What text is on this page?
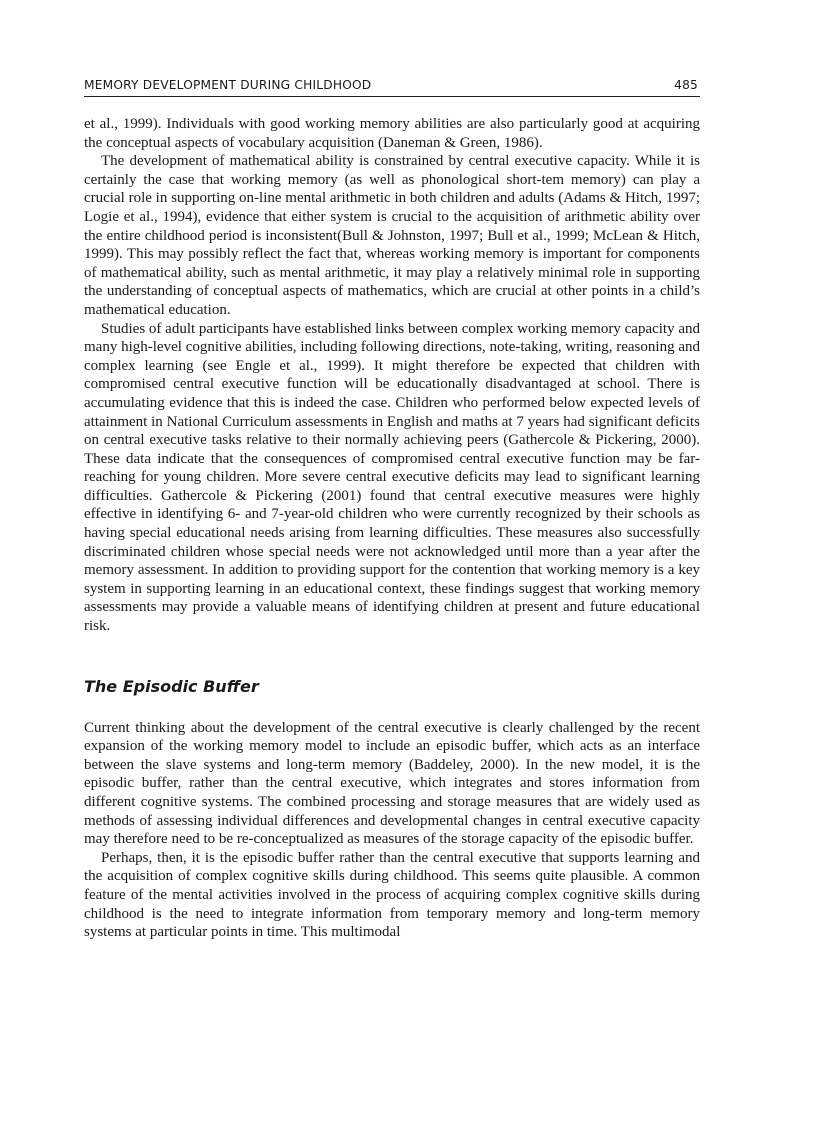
MEMORY DEVELOPMENT DURING CHILDHOOD	485

et al., 1999). Individuals with good working memory abilities are also particularly good at acquiring the conceptual aspects of vocabulary acquisition (Daneman & Green, 1986).

The development of mathematical ability is constrained by central executive capacity. While it is certainly the case that working memory (as well as phonological short-tem memory) can play a crucial role in supporting on-line mental arithmetic in both children and adults (Adams & Hitch, 1997; Logie et al., 1994), evidence that either system is crucial to the acquisition of arithmetic ability over the entire childhood period is inconsistent(Bull & Johnston, 1997; Bull et al., 1999; McLean & Hitch, 1999). This may possibly reflect the fact that, whereas working memory is important for components of mathematical ability, such as mental arithmetic, it may play a relatively minimal role in supporting the understanding of conceptual aspects of mathematics, which are crucial at other points in a child’s mathematical education.

Studies of adult participants have established links between complex working memory capacity and many high-level cognitive abilities, including following directions, note-taking, writing, reasoning and complex learning (see Engle et al., 1999). It might therefore be expected that children with compromised central executive function will be educationally disadvantaged at school. There is accumulating evidence that this is indeed the case. Children who performed below expected levels of attainment in National Curriculum assessments in English and maths at 7 years had significant deficits on central executive tasks relative to their normally achieving peers (Gathercole & Pickering, 2000). These data indicate that the consequences of compromised central executive function may be far-reaching for young children. More severe central executive deficits may lead to significant learning difficulties. Gathercole & Pickering (2001) found that central executive measures were highly effective in identifying 6- and 7-year-old children who were currently recognized by their schools as having special educational needs arising from learning difficulties. These measures also successfully discriminated children whose special needs were not acknowledged until more than a year after the memory assessment. In addition to providing support for the contention that working memory is a key system in supporting learning in an educational context, these findings suggest that working memory assessments may provide a valuable means of identifying children at present and future educational risk.

The Episodic Buffer

Current thinking about the development of the central executive is clearly challenged by the recent expansion of the working memory model to include an episodic buffer, which acts as an interface between the slave systems and long-term memory (Baddeley, 2000). In the new model, it is the episodic buffer, rather than the central executive, which integrates and stores information from different cognitive systems. The combined processing and storage measures that are widely used as methods of assessing individual differences and developmental changes in central executive capacity may therefore need to be re-conceptualized as measures of the storage capacity of the episodic buffer.

Perhaps, then, it is the episodic buffer rather than the central executive that supports learning and the acquisition of complex cognitive skills during childhood. This seems quite plausible. A common feature of the mental activities involved in the process of acquiring complex cognitive skills during childhood is the need to integrate information from temporary memory and long-term memory systems at particular points in time. This multimodal
